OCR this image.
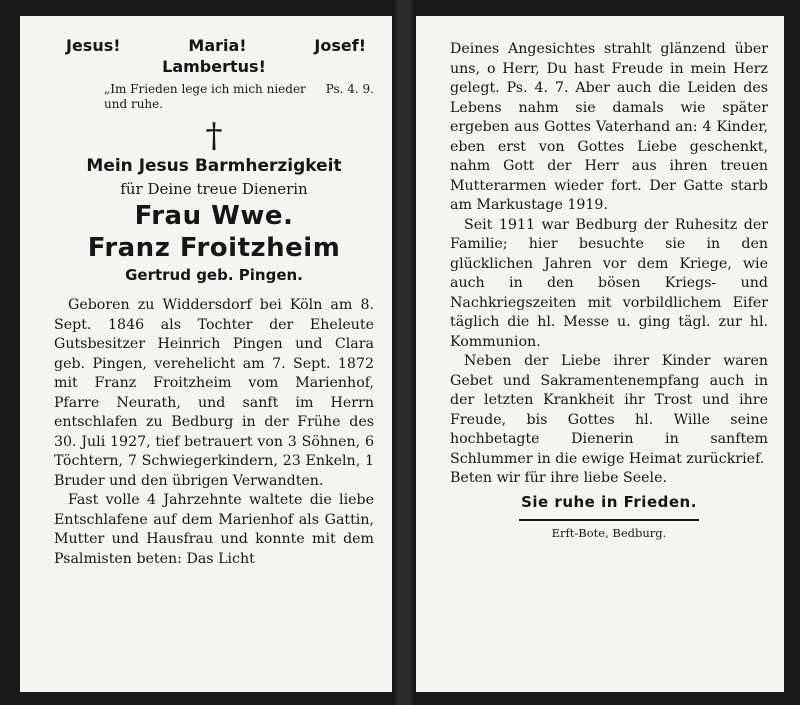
Jesus!	Maria!	Josef!
Lambertus!
Ps. 4. 9.
„Im Frieden lege ich mich nieder und ruhe.
†
Mein Jesus Barmherzigkeit
für Deine treue Dienerin
Frau Wwe.
Franz Froitzheim
Gertrud geb. Pingen.

Geboren zu Widdersdorf bei Köln am 8. Sept. 1846 als Tochter der Eheleute Gutsbesitzer Heinrich Pingen und Clara geb. Pingen, verehelicht am 7. Sept. 1872 mit Franz Froitzheim vom Marienhof, Pfarre Neurath, und sanft im Herrn entschlafen zu Bedburg in der Frühe des 30. Juli 1927, tief betrauert von 3 Söhnen, 6 Töchtern, 7 Schwiegerkindern, 23 Enkeln, 1 Bruder und den übrigen Verwandten.

Fast volle 4 Jahrzehnte waltete die liebe Entschlafene auf dem Marienhof als Gattin, Mutter und Hausfrau und konnte mit dem Psalmisten beten: Das Licht

Deines Angesichtes strahlt glänzend über uns, o Herr, Du hast Freude in mein Herz gelegt. Ps. 4. 7. Aber auch die Leiden des Lebens nahm sie damals wie später ergeben aus Gottes Vaterhand an: 4 Kinder, eben erst von Gottes Liebe geschenkt, nahm Gott der Herr aus ihren treuen Mutterarmen wieder fort. Der Gatte starb am Markustage 1919.

Seit 1911 war Bedburg der Ruhesitz der Familie; hier besuchte sie in den glücklichen Jahren vor dem Kriege, wie auch in den bösen Kriegs- und Nachkriegszeiten mit vorbildlichem Eifer täglich die hl. Messe u. ging tägl. zur hl. Kommunion.

Neben der Liebe ihrer Kinder waren Gebet und Sakramentenempfang auch in der letzten Krankheit ihr Trost und ihre Freude, bis Gottes hl. Wille seine hochbetagte Dienerin in sanftem Schlummer in die ewige Heimat zurückrief.

Beten wir für ihre liebe Seele.

Sie ruhe in Frieden.
Erft-Bote, Bedburg.
